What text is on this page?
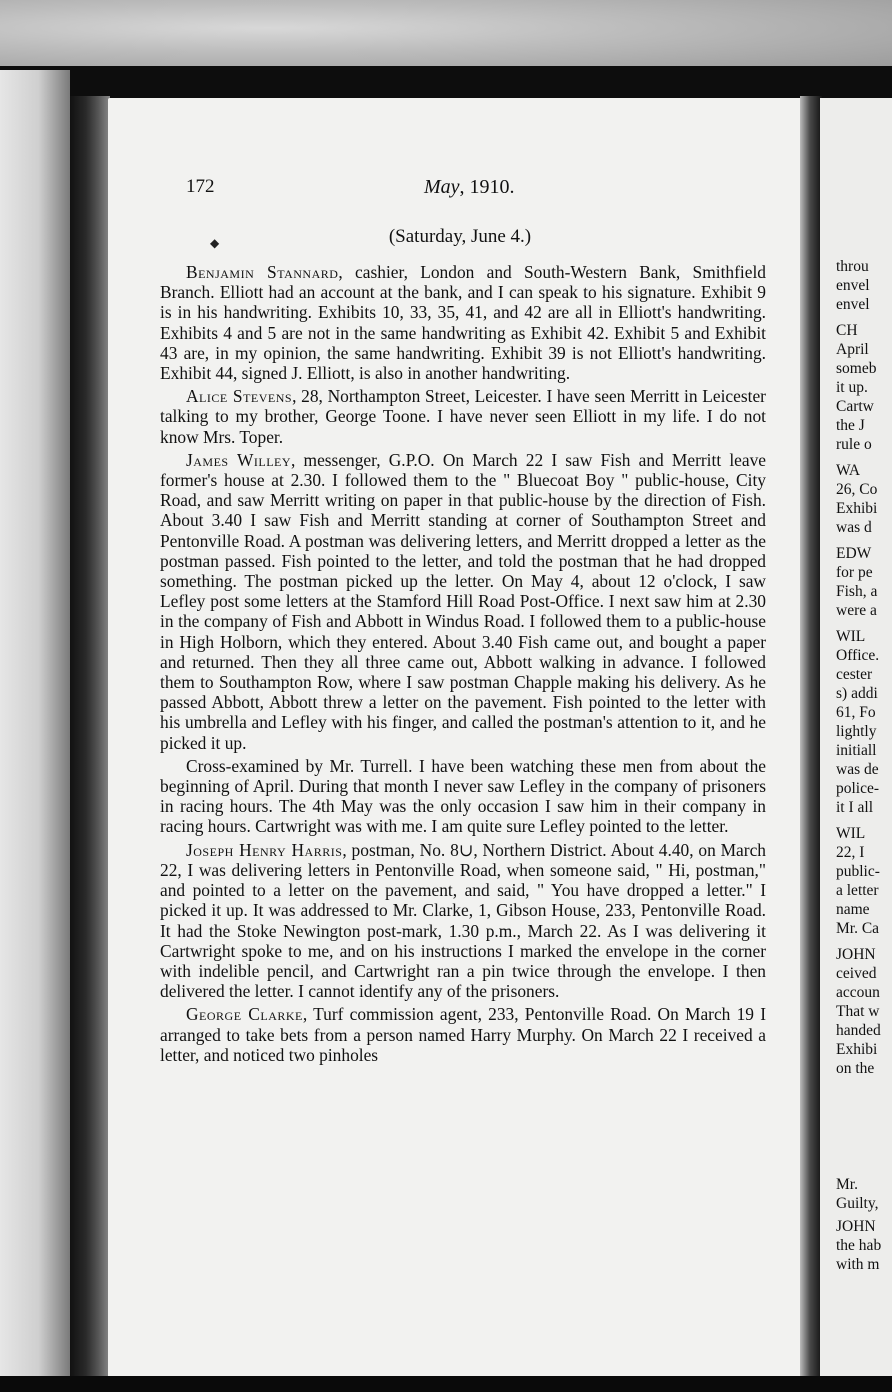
throu
envel
envel
CH
April
someb
it up.
Cartw
the J
rule o
WA
26, Co
Exhibi
was d
EDW
for pe
Fish, a
were a
WIL
Office.
cester
s) addi
61, Fo
lightly
initiall
was de
police-
it I all
WIL
22, I
public-
a letter
name
Mr. Ca
JOHN
ceived
accoun
That w
handed
Exhibi
on the
Mr.
Guilty,
JOHN
the hab
with m
172	May, 1910.
◆	(Saturday, June 4.)

Benjamin Stannard, cashier, London and South-Western Bank, Smithfield Branch. Elliott had an account at the bank, and I can speak to his signature. Exhibit 9 is in his handwriting. Exhibits 10, 33, 35, 41, and 42 are all in Elliott's handwriting. Exhibits 4 and 5 are not in the same handwriting as Exhibit 42. Exhibit 5 and Exhibit 43 are, in my opinion, the same handwriting. Exhibit 39 is not Elliott's handwriting. Exhibit 44, signed J. Elliott, is also in another handwriting.

Alice Stevens, 28, Northampton Street, Leicester. I have seen Merritt in Leicester talking to my brother, George Toone. I have never seen Elliott in my life. I do not know Mrs. Toper.

James Willey, messenger, G.P.O. On March 22 I saw Fish and Merritt leave former's house at 2.30. I followed them to the " Bluecoat Boy " public-house, City Road, and saw Merritt writing on paper in that public-house by the direction of Fish. About 3.40 I saw Fish and Merritt standing at corner of Southampton Street and Pentonville Road. A postman was delivering letters, and Merritt dropped a letter as the postman passed. Fish pointed to the letter, and told the postman that he had dropped something. The postman picked up the letter. On May 4, about 12 o'clock, I saw Lefley post some letters at the Stamford Hill Road Post-Office. I next saw him at 2.30 in the company of Fish and Abbott in Windus Road. I followed them to a public-house in High Holborn, which they entered. About 3.40 Fish came out, and bought a paper and returned. Then they all three came out, Abbott walking in advance. I followed them to Southampton Row, where I saw postman Chapple making his delivery. As he passed Abbott, Abbott threw a letter on the pavement. Fish pointed to the letter with his umbrella and Lefley with his finger, and called the postman's attention to it, and he picked it up.

Cross-examined by Mr. Turrell. I have been watching these men from about the beginning of April. During that month I never saw Lefley in the company of prisoners in racing hours. The 4th May was the only occasion I saw him in their company in racing hours. Cartwright was with me. I am quite sure Lefley pointed to the letter.

Joseph Henry Harris, postman, No. 8∪, Northern District. About 4.40, on March 22, I was delivering letters in Pentonville Road, when someone said, " Hi, postman," and pointed to a letter on the pavement, and said, " You have dropped a letter." I picked it up. It was addressed to Mr. Clarke, 1, Gibson House, 233, Pentonville Road. It had the Stoke Newington post-mark, 1.30 p.m., March 22. As I was delivering it Cartwright spoke to me, and on his instructions I marked the envelope in the corner with indelible pencil, and Cartwright ran a pin twice through the envelope. I then delivered the letter. I cannot identify any of the prisoners.

George Clarke, Turf commission agent, 233, Pentonville Road. On March 19 I arranged to take bets from a person named Harry Murphy. On March 22 I received a letter, and noticed two pinholes
